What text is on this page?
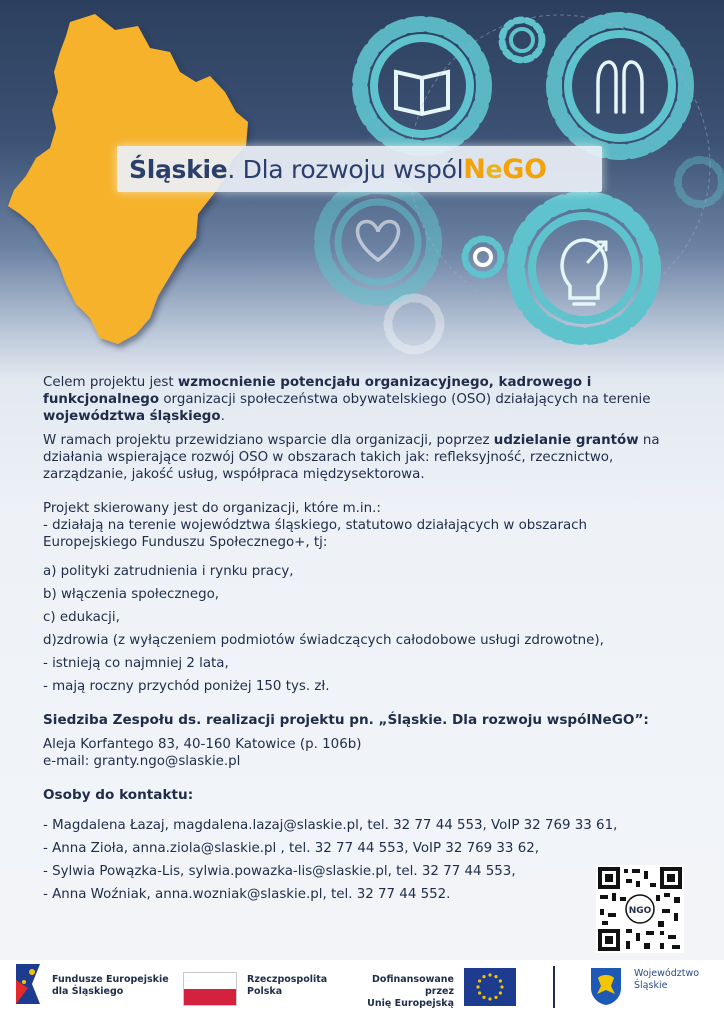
Śląskie . Dla rozwoju wspól N e GO

Celem projektu jest wzmocnienie potencjału organizacyjnego, kadrowego i funkcjonalnego organizacji społeczeństwa obywatelskiego (OSO) działających na terenie województwa śląskiego.

W ramach projektu przewidziano wsparcie dla organizacji, poprzez udzielanie grantów na działania wspierające rozwój OSO w obszarach takich jak: refleksyjność, rzecznictwo, zarządzanie, jakość usług, współpraca międzysektorowa.

Projekt skierowany jest do organizacji, które m.in.:

- działają na terenie województwa śląskiego, statutowo działających w obszarach Europejskiego Funduszu Społecznego+, tj:

a) polityki zatrudnienia i rynku pracy,

b) włączenia społecznego,

c) edukacji,

d)zdrowia (z wyłączeniem podmiotów świadczących całodobowe usługi zdrowotne),

- istnieją co najmniej 2 lata,

- mają roczny przychód poniżej 150 tys. zł.

Siedziba Zespołu ds. realizacji projektu pn. „Śląskie. Dla rozwoju wspólNeGO”:

Aleja Korfantego 83, 40-160 Katowice (p. 106b)

e-mail: granty.ngo@slaskie.pl

Osoby do kontaktu:

- Magdalena Łazaj, magdalena.lazaj@slaskie.pl, tel. 32 77 44 553, VoIP 32 769 33 61,

- Anna Zioła, anna.ziola@slaskie.pl , tel. 32 77 44 553, VoIP 32 769 33 62,

- Sylwia Powązka-Lis, sylwia.powazka-lis@slaskie.pl, tel. 32 77 44 553,

- Anna Woźniak, anna.wozniak@slaskie.pl, tel. 32 77 44 552.

NGO
Fundusze Europejskie
dla Śląskiego
Rzeczpospolita
Polska
Dofinansowane przez
Unię Europejską
Województwo
Śląskie
